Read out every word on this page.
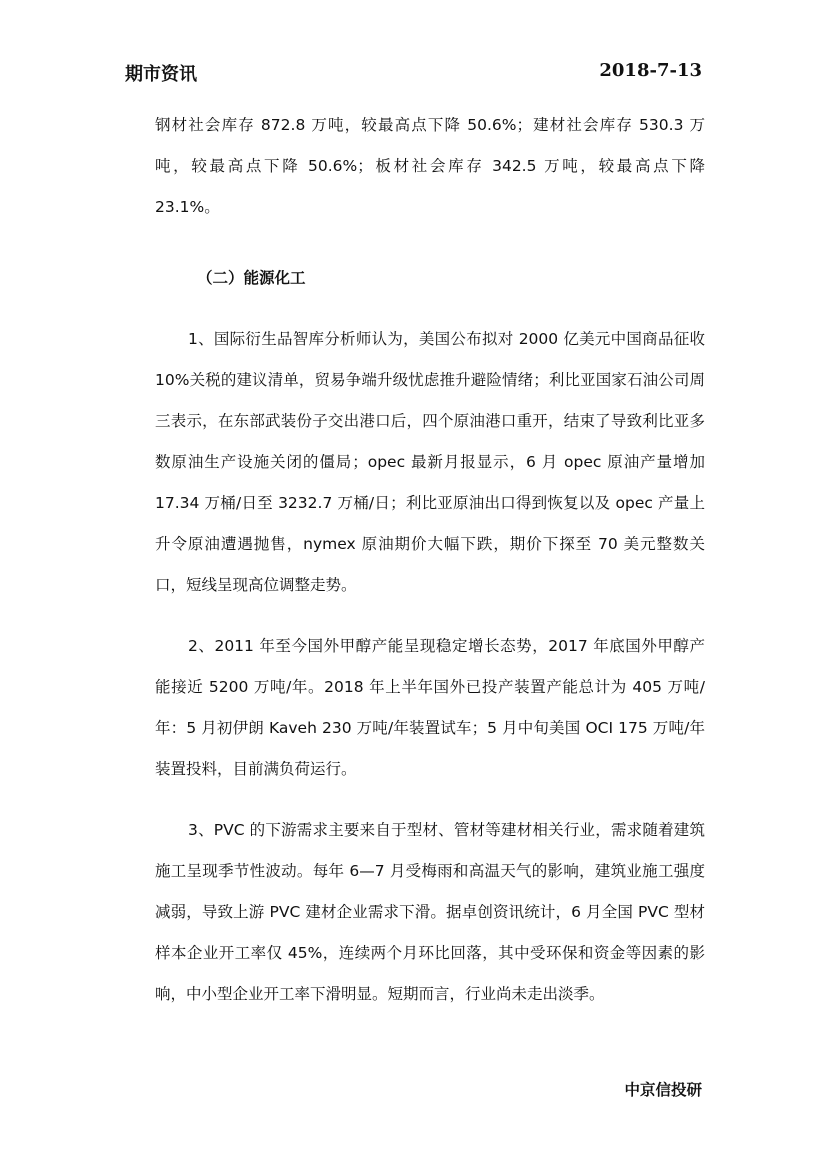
期市资讯	2018-7-13

钢材社会库存 872.8 万吨，较最高点下降 50.6%；建材社会库存 530.3 万吨，较最高点下降 50.6%；板材社会库存 342.5 万吨，较最高点下降 23.1%。

（二）能源化工

1、国际衍生品智库分析师认为，美国公布拟对 2000 亿美元中国商品征收 10%关税的建议清单，贸易争端升级忧虑推升避险情绪；利比亚国家石油公司周三表示，在东部武装份子交出港口后，四个原油港口重开，结束了导致利比亚多数原油生产设施关闭的僵局；opec 最新月报显示，6 月 opec 原油产量增加 17.34 万桶/日至 3232.7 万桶/日；利比亚原油出口得到恢复以及 opec 产量上升令原油遭遇抛售，nymex 原油期价大幅下跌，期价下探至 70 美元整数关口，短线呈现高位调整走势。

2、2011 年至今国外甲醇产能呈现稳定增长态势，2017 年底国外甲醇产能接近 5200 万吨/年。2018 年上半年国外已投产装置产能总计为 405 万吨/年：5 月初伊朗 Kaveh 230 万吨/年装置试车；5 月中旬美国 OCI 175 万吨/年装置投料，目前满负荷运行。

3、PVC 的下游需求主要来自于型材、管材等建材相关行业，需求随着建筑施工呈现季节性波动。每年 6—7 月受梅雨和高温天气的影响，建筑业施工强度减弱，导致上游 PVC 建材企业需求下滑。据卓创资讯统计，6 月全国 PVC 型材样本企业开工率仅 45%，连续两个月环比回落，其中受环保和资金等因素的影响，中小型企业开工率下滑明显。短期而言，行业尚未走出淡季。

中京信投研
